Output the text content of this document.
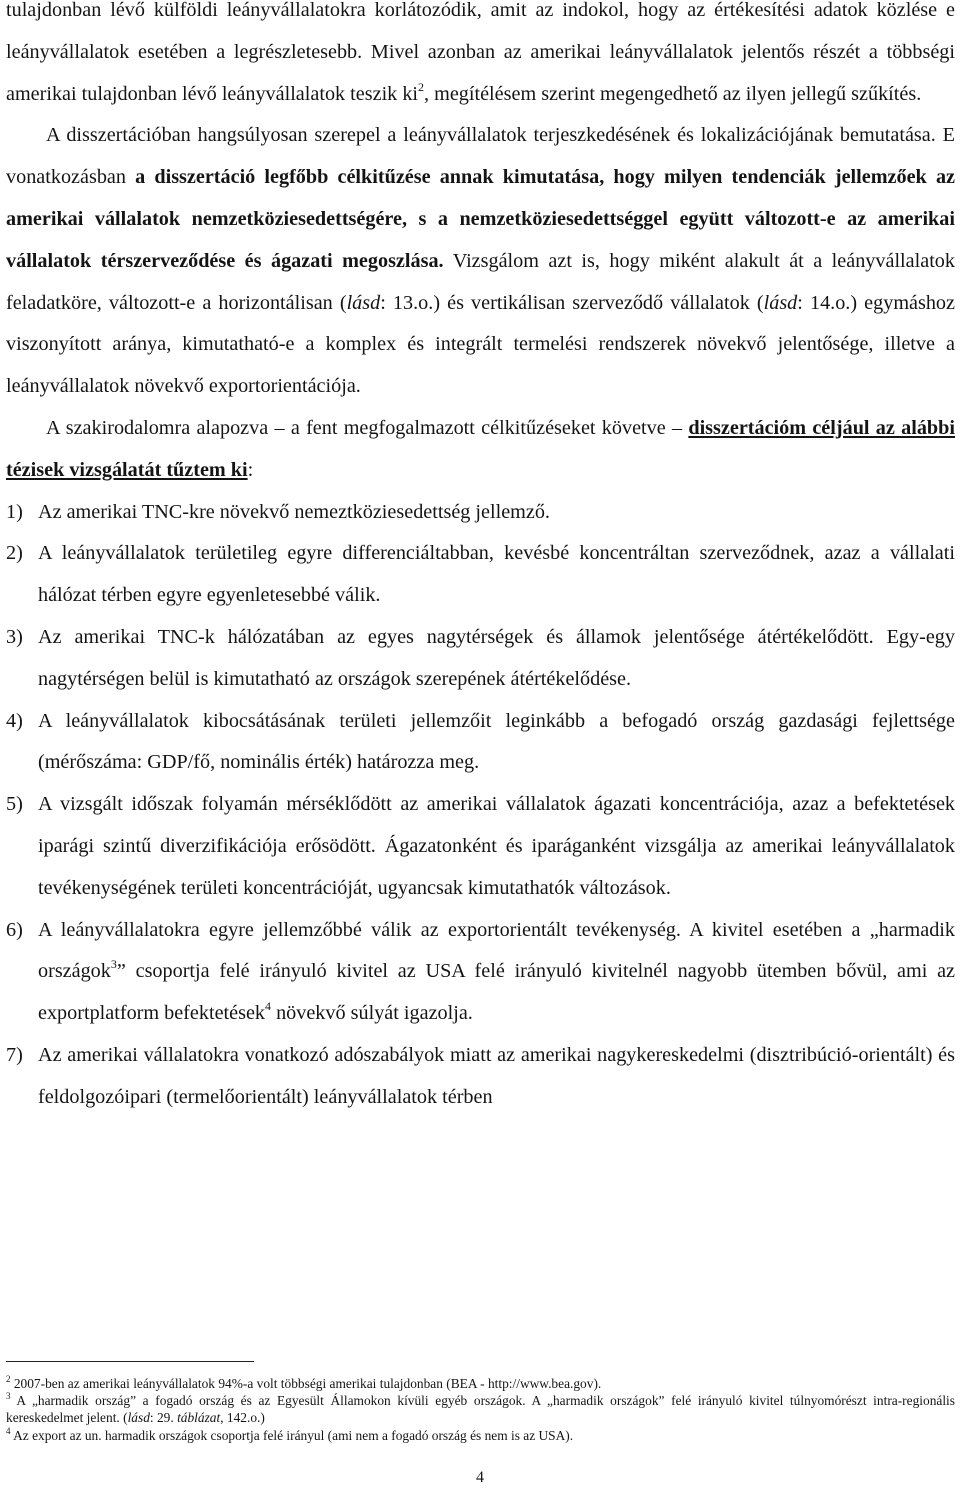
tulajdonban lévő külföldi leányvállalatokra korlátozódik, amit az indokol, hogy az értékesítési adatok közlése e leányvállalatok esetében a legrészletesebb. Mivel azonban az amerikai leányvállalatok jelentős részét a többségi amerikai tulajdonban lévő leányvállalatok teszik $ki^2$, megítélésem szerint megengedhető az ilyen jellegű szűkítés.

A disszertációban hangsúlyosan szerepel a leányvállalatok terjeszkedésének és lokalizációjának bemutatása. E vonatkozásban a disszertáció legfőbb célkitűzése annak kimutatása, hogy milyen tendenciák jellemzőek az amerikai vállalatok nemzetköziesedettségére, s a nemzetköziesedettséggel együtt változott-e az amerikai vállalatok térszerveződése és ágazati megoszlása. Vizsgálom azt is, hogy miként alakult át a leányvállalatok feladatköre, változott-e a horizontálisan (lásd: 13.o.) és vertikálisan szerveződő vállalatok (lásd: 14.o.) egymáshoz viszonyított aránya, kimutatható-e a komplex és integrált termelési rendszerek növekvő jelentősége, illetve a leányvállalatok növekvő exportorientációja.

A szakirodalomra alapozva – a fent megfogalmazott célkitűzéseket követve – disszertációm céljául az alábbi tézisek vizsgálatát tűztem ki:

1) Az amerikai TNC-kre növekvő nemeztköziesedettség jellemző.
2) A leányvállalatok területileg egyre differenciáltabban, kevésbé koncentráltan szerveződnek, azaz a vállalati hálózat térben egyre egyenletesebbé válik.
3) Az amerikai TNC-k hálózatában az egyes nagytérségek és államok jelentősége átértékelődött. Egy-egy nagytérségen belül is kimutatható az országok szerepének átértékelődése.
4) A leányvállalatok kibocsátásának területi jellemzőit leginkább a befogadó ország gazdasági fejlettsége (mérőszáma: GDP/fő, nominális érték) határozza meg.
5) A vizsgált időszak folyamán mérséklődött az amerikai vállalatok ágazati koncentrációja, azaz a befektetések iparági szintű diverzifikációja erősödött. Ágazatonként és iparáganként vizsgálja az amerikai leányvállalatok tevékenységének területi koncentrációját, ugyancsak kimutathatók változások.
6) A leányvállalatokra egyre jellemzőbbé válik az exportorientált tevékenység. A kivitel esetében a „harmadik országok$^3$” csoportja felé irányuló kivitel az USA felé irányuló kivitelnél nagyobb ütemben bővül, ami az exportplatform befektetések$^4$ növekvő súlyát igazolja.
7) Az amerikai vállalatokra vonatkozó adószabályok miatt az amerikai nagykereskedelmi (disztribúció-orientált) és feldolgozóipari (termelőorientált) leányvállalatok térben

$^2$ 2007-ben az amerikai leányvállalatok 94%-a volt többségi amerikai tulajdonban (BEA - http://www.bea.gov).

$^3$ A „harmadik ország” a fogadó ország és az Egyesült Államokon kívüli egyéb országok. A „harmadik országok” felé irányuló kivitel túlnyomórészt intra-regionális kereskedelmet jelent. (lásd: 29. táblázat, 142.o.)

$^4$ Az export az un. harmadik országok csoportja felé irányul (ami nem a fogadó ország és nem is az USA).

4
